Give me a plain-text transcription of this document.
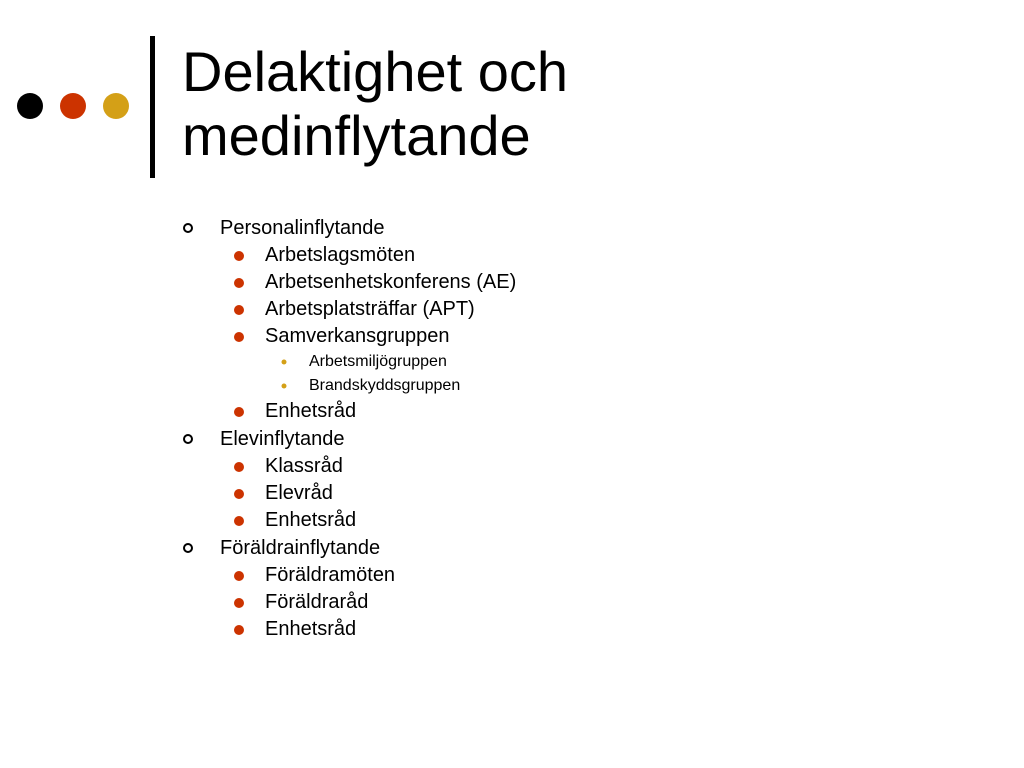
Delaktighet och
medinflytande
Personalinflytande
Arbetslagsmöten
Arbetsenhetskonferens (AE)
Arbetsplatsträffar (APT)
Samverkansgruppen
Arbetsmiljögruppen
Brandskyddsgruppen
Enhetsråd
Elevinflytande
Klassråd
Elevråd
Enhetsråd
Föräldrainflytande
Föräldramöten
Föräldraråd
Enhetsråd
